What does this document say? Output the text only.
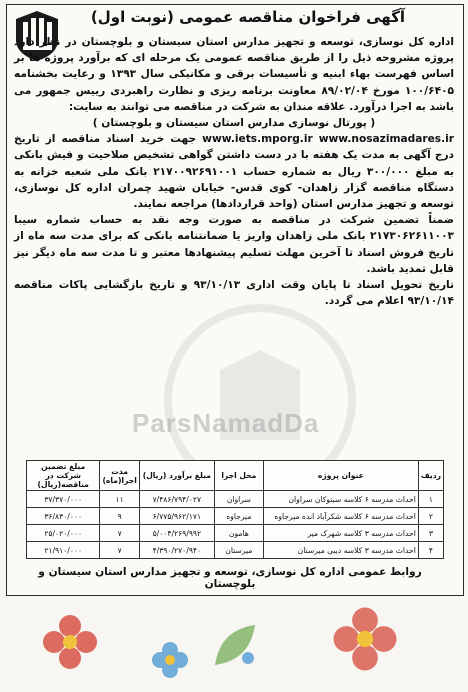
آگهی فراخوان مناقصه عمومی (نوبت اول)
ParsNamadDa

اداره کل نوسازی، توسعه و تجهیز مدارس استان سیستان و بلوچستان در نظر دارد پروژه مشروحه ذیل را از طریق مناقصه عمومی یک مرحله ای که برآورد پروژه ها بر اساس فهرست بهاء ابنیه و تأسیسات برقی و مکانیکی سال ۱۳۹۳ و رعایت بخشنامه ۱۰۰/۶۴۰۵ مورخ ۸۹/۰۲/۰۴ معاونت برنامه ریزی و نظارت راهبردی رییس جمهور می باشد به اجرا درآورد. علاقه مندان به شرکت در مناقصه می توانند به سایت:

( پورتال نوسازی مدارس استان سیستان و بلوچستان )

www.iets.mporg.ir www.nosazimadares.ir جهت خرید اسناد مناقصه از تاریخ درج آگهی به مدت یک هفته با در دست داشتن گواهی تشخیص صلاحیت و فیش بانکی به مبلغ ۳۰۰/۰۰۰ ریال به شماره حساب ۲۱۷۰۰۹۲۶۹۱۰۰۱ بانک ملی شعبه خزانه به دستگاه مناقصه گزار زاهدان- کوی قدس- خیابان شهید چمران اداره کل نوسازی، توسعه و تجهیز مدارس استان (واحد قراردادها) مراجعه نمایند.

ضمناً تضمین شرکت در مناقصه به صورت وجه نقد به حساب شماره سیبا ۲۱۷۳۰۶۲۶۱۱۰۰۳ بانک ملی زاهدان واریز یا ضمانتنامه بانکی که برای مدت سه ماه از تاریخ فروش اسناد تا آخرین مهلت تسلیم پیشنهادها معتبر و تا مدت سه ماه دیگر نیز قابل تمدید باشد.

تاریخ تحویل اسناد تا پایان وقت اداری ۹۳/۱۰/۱۳ و تاریخ بازگشایی پاکات مناقصه ۹۳/۱۰/۱۴ اعلام می گردد.

ردیف	عنوان پروژه	محل اجرا	مبلغ برآورد (ریال)	مدت اجرا(ماه)	مبلغ تضمین شرکت در مناقصه(ریال)
۱	احداث مدرسه ۶ کلاسه سبتوکان سراوان	سراوان	۷/۴۸۶/۷۹۴/۰۲۷	۱۱	۳۷/۳۷۰/۰۰۰
۲	احداث مدرسه ۶ کلاسه شکرآباد انده میرجاوه	میرجاوه	۶/۷۷۵/۹۶۲/۱۷۱	۹	۳۶/۸۳۰/۰۰۰
۳	احداث مدرسه ۳ کلاسه شهرک میر	هامون	۵/۰۰۴/۲۶۹/۹۹۲	۷	۲۵/۰۲۰/۰۰۰
۴	احداث مدرسه ۳ کلاسه دیبی میرستان	میرستان	۴/۳۹۰/۲۷۰/۹۴۰	۷	۲۱/۹۱۰/۰۰۰
روابط عمومی اداره کل نوسازی، توسعه و تجهیز مدارس استان سیستان و بلوچستان
